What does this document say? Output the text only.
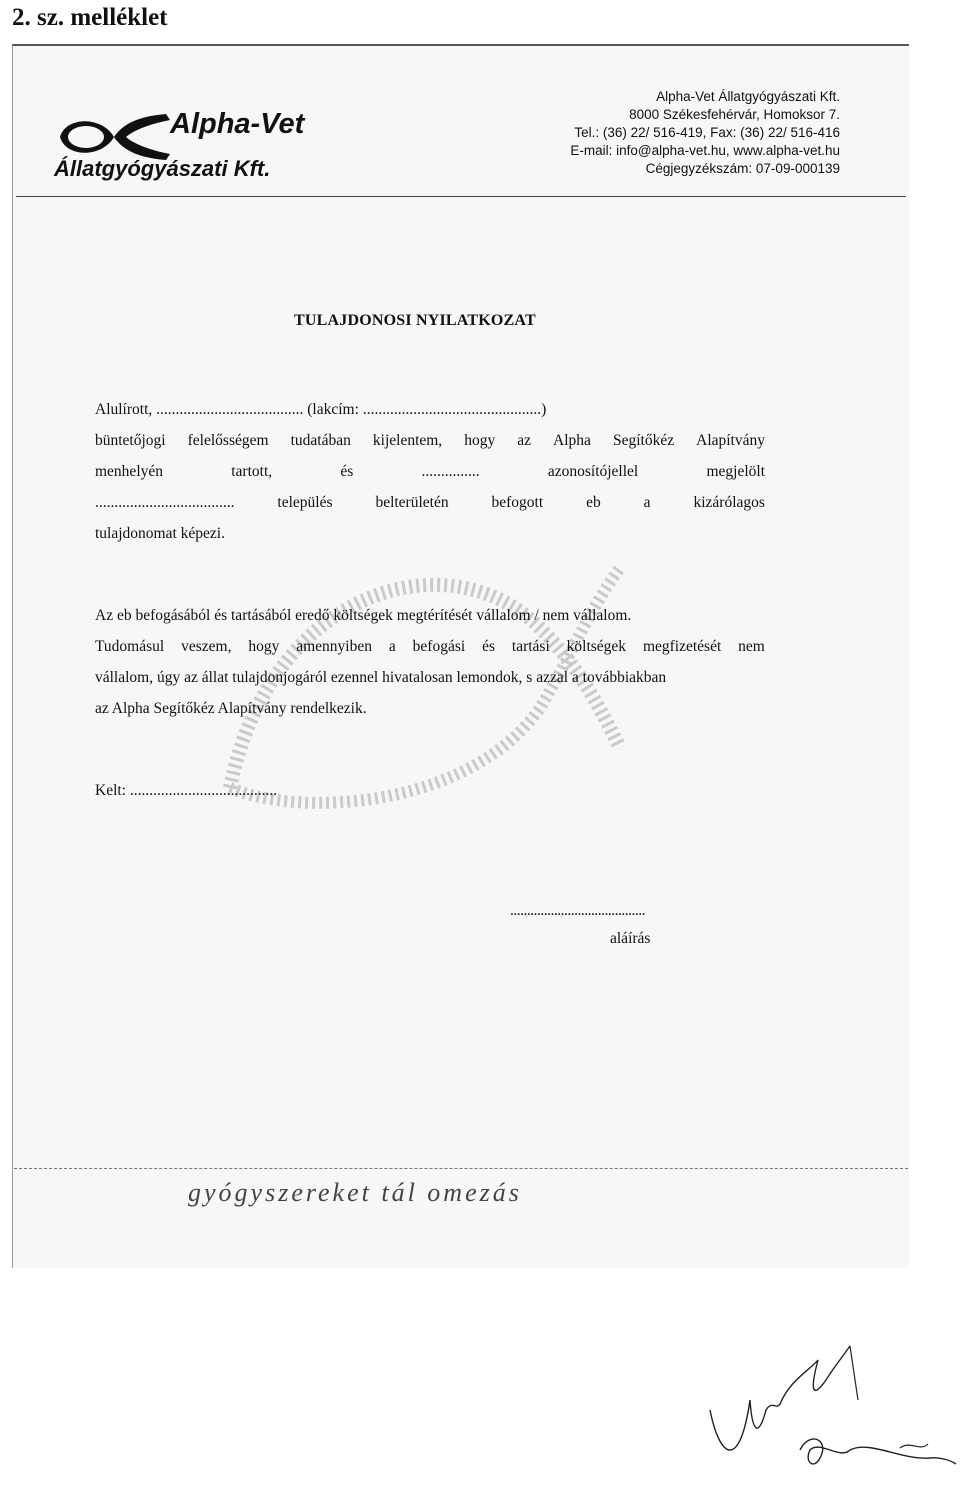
2. sz. melléklet
Alpha-Vet
Állatgyógyászati Kft.
Alpha-Vet Állatgyógyászati Kft.
8000 Székesfehérvár, Homoksor 7.
Tel.: (36) 22/ 516-419, Fax: (36) 22/ 516-416
E-mail: info@alpha-vet.hu, www.alpha-vet.hu
Cégjegyzékszám: 07-09-000139
TULAJDONOSI NYILATKOZAT
Alulírott, ...................................... (lakcím: ..............................................)
büntetőjogi felelősségem tudatában kijelentem, hogy az Alpha Segítőkéz Alapítvány
menhelyén	tartott,	és	...............	azonosítójellel	megjelölt
....................................	település	belterületén	befogott	eb	a	kizárólagos
tulajdonomat képezi.
Az eb befogásából és tartásából eredő költségek megtérítését vállalom / nem vállalom.
Tudomásul veszem, hogy amennyiben a befogási és tartási költségek megfizetését nem
vállalom, úgy az állat tulajdonjogáról ezennel hivatalosan lemondok, s azzal a továbbiakban
az Alpha Segítőkéz Alapítvány rendelkezik.
Kelt: ......................................
........................................
aláírás
gyógyszereket tál omezás
